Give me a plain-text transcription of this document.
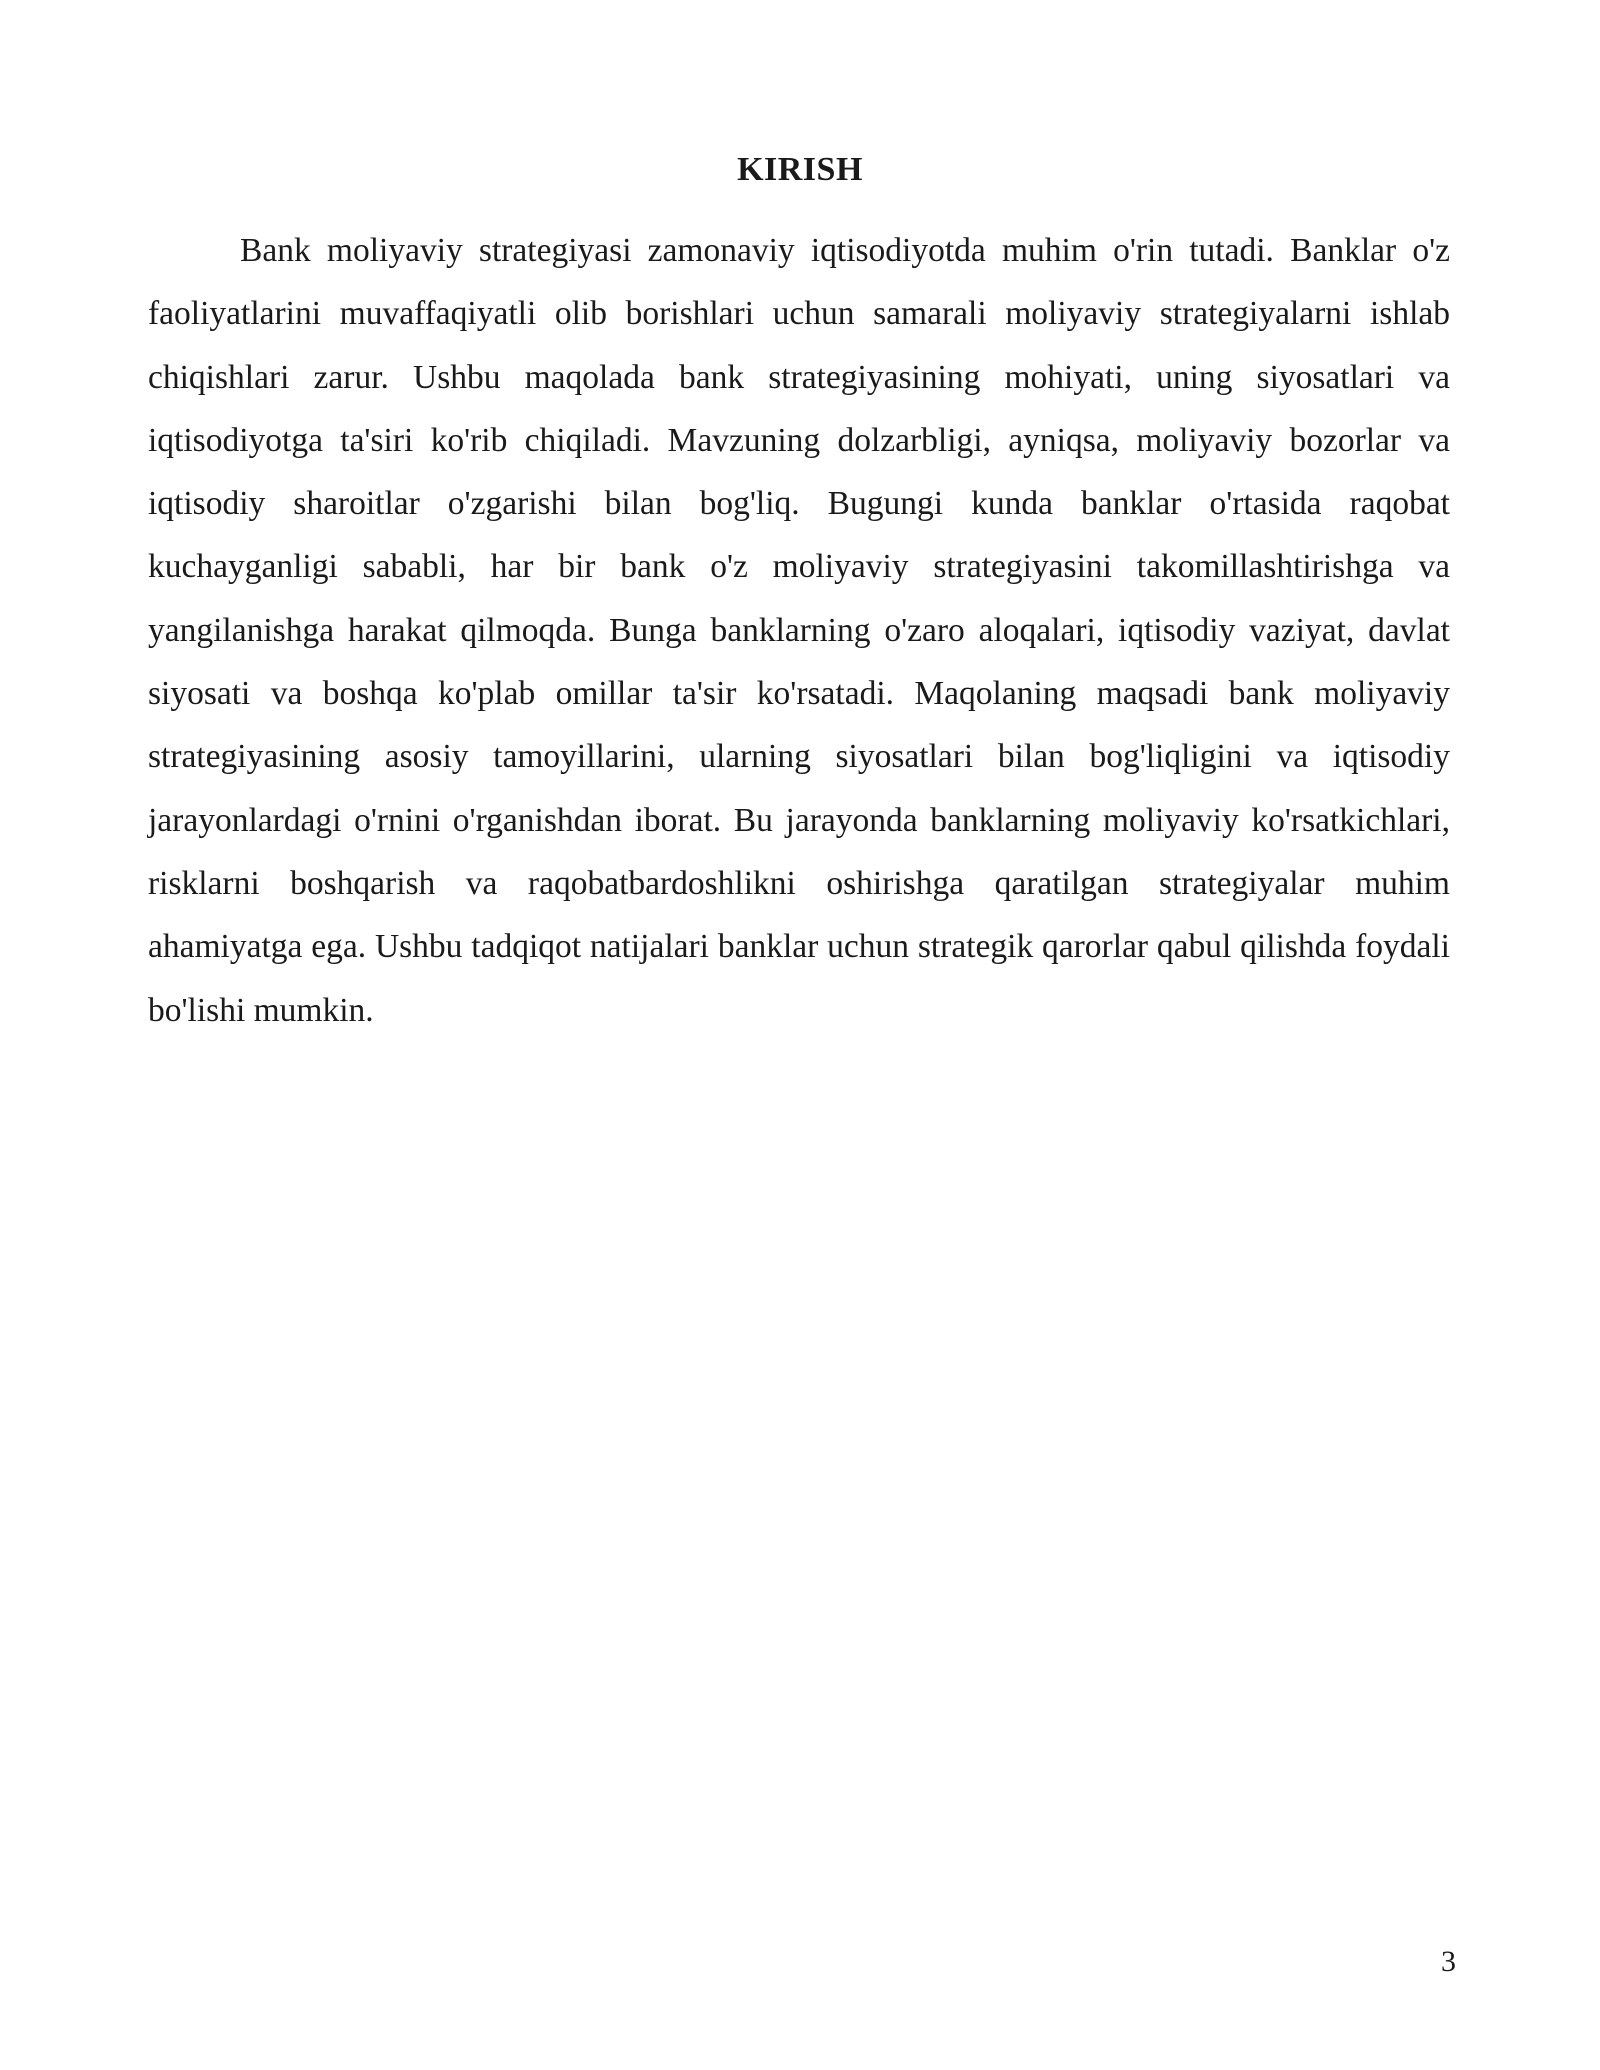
KIRISH

Bank moliyaviy strategiyasi zamonaviy iqtisodiyotda muhim o'rin tutadi. Banklar o'z faoliyatlarini muvaffaqiyatli olib borishlari uchun samarali moliyaviy strategiyalarni ishlab chiqishlari zarur. Ushbu maqolada bank strategiyasining mohiyati, uning siyosatlari va iqtisodiyotga ta'siri ko'rib chiqiladi. Mavzuning dolzarbligi, ayniqsa, moliyaviy bozorlar va iqtisodiy sharoitlar o'zgarishi bilan bog'liq. Bugungi kunda banklar o'rtasida raqobat kuchayganligi sababli, har bir bank o'z moliyaviy strategiyasini takomillashtirishga va yangilanishga harakat qilmoqda. Bunga banklarning o'zaro aloqalari, iqtisodiy vaziyat, davlat siyosati va boshqa ko'plab omillar ta'sir ko'rsatadi. Maqolaning maqsadi bank moliyaviy strategiyasining asosiy tamoyillarini, ularning siyosatlari bilan bog'liqligini va iqtisodiy jarayonlardagi o'rnini o'rganishdan iborat. Bu jarayonda banklarning moliyaviy ko'rsatkichlari, risklarni boshqarish va raqobatbardoshlikni oshirishga qaratilgan strategiyalar muhim ahamiyatga ega. Ushbu tadqiqot natijalari banklar uchun strategik qarorlar qabul qilishda foydali bo'lishi mumkin.

3
